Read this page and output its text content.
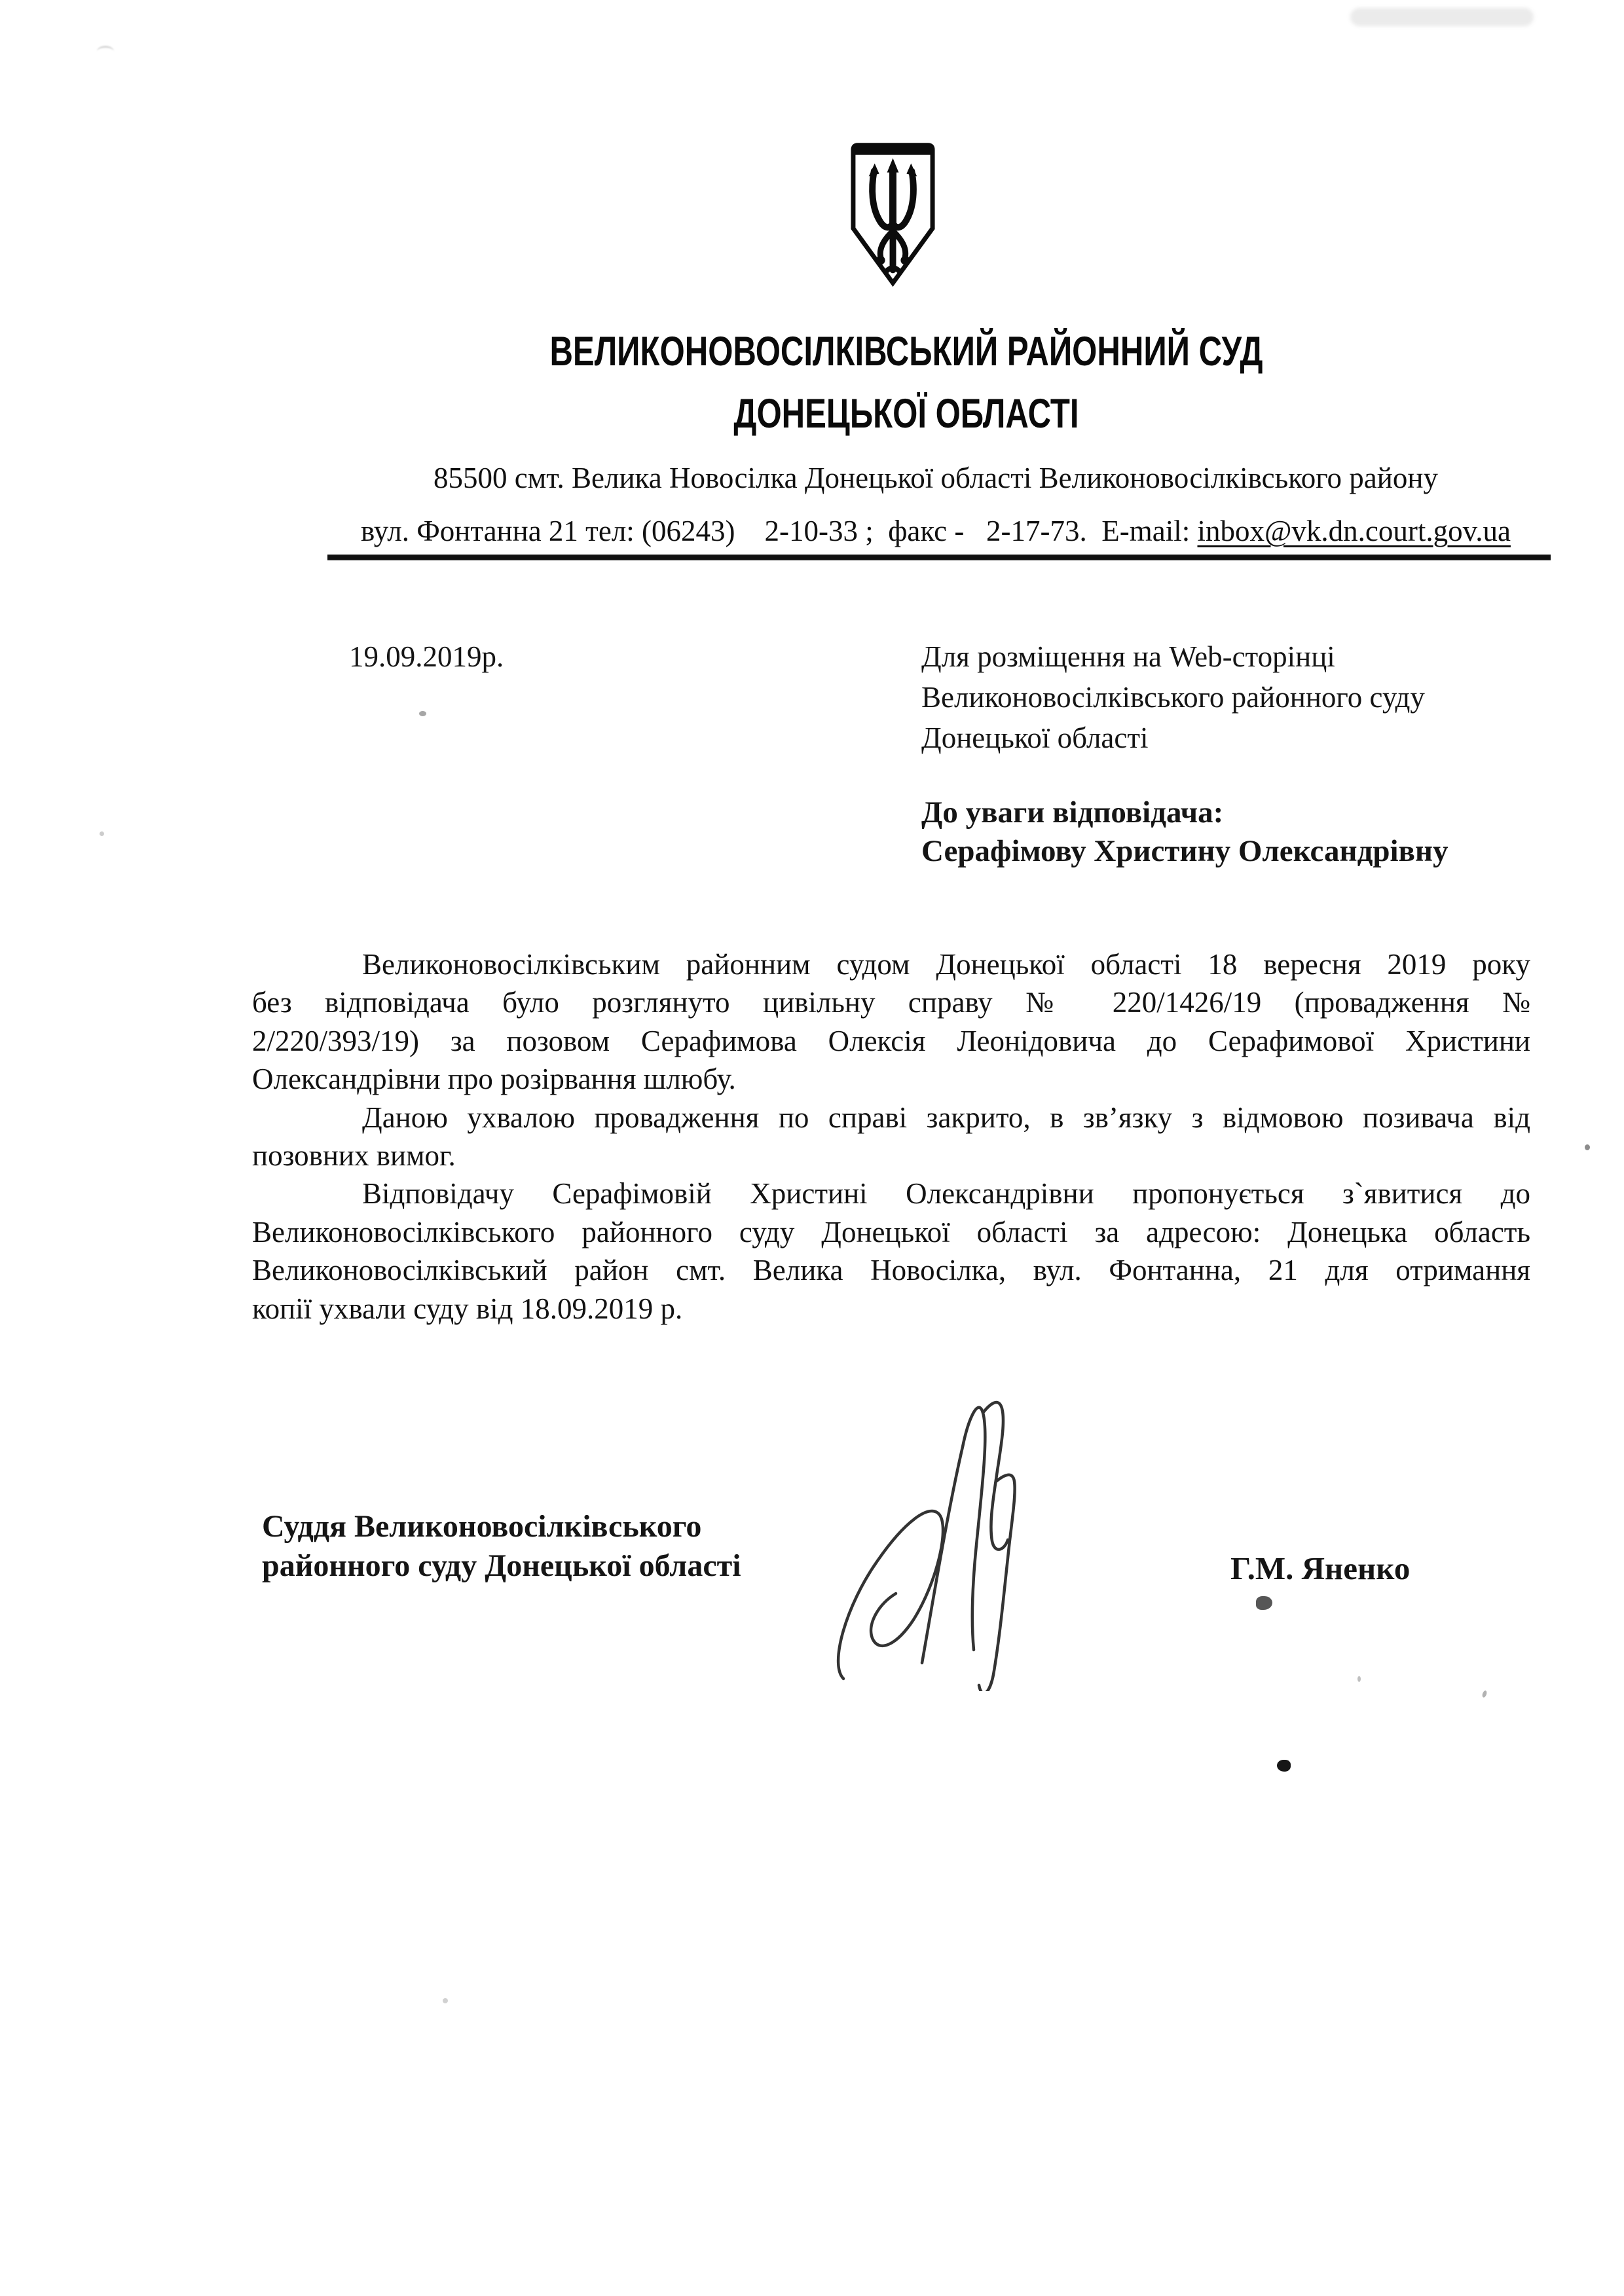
ВЕЛИКОНОВОСІЛКІВСЬКИЙ РАЙОННИЙ СУД
ДОНЕЦЬКОЇ ОБЛАСТІ
85500 смт. Велика Новосілка Донецької області Великоновосілківського району
вул. Фонтанна 21 тел: (06243)    2-10-33 ;  факс -   2-17-73.  E-mail: inbox@vk.dn.court.gov.ua
19.09.2019р.	Для розміщення на Web-сторінці
Великоновосілківського районного суду
Донецької області
До уваги відповідача:
Серафімову Христину Олександрівну
Великоновосілківським районним судом Донецької області 18 вересня 2019 року
без відповідача було розглянуто цивільну справу № 220/1426/19 (провадження №
2/220/393/19) за позовом Серафимова Олексія Леонідовича до Серафимової Христини
Олександрівни про розірвання шлюбу.
Даною ухвалою провадження по справі закрито, в зв’язку з відмовою позивача від
позовних вимог.
Відповідачу Серафімовій Христині Олександрівни пропонується з`явитися до
Великоновосілківського районного суду Донецької області за адресою: Донецька область
Великоновосілківський район смт. Велика Новосілка, вул. Фонтанна, 21 для отримання
копії ухвали суду від 18.09.2019 р.
Суддя Великоновосілківського
районного суду Донецької області	Г.М. Яненко
